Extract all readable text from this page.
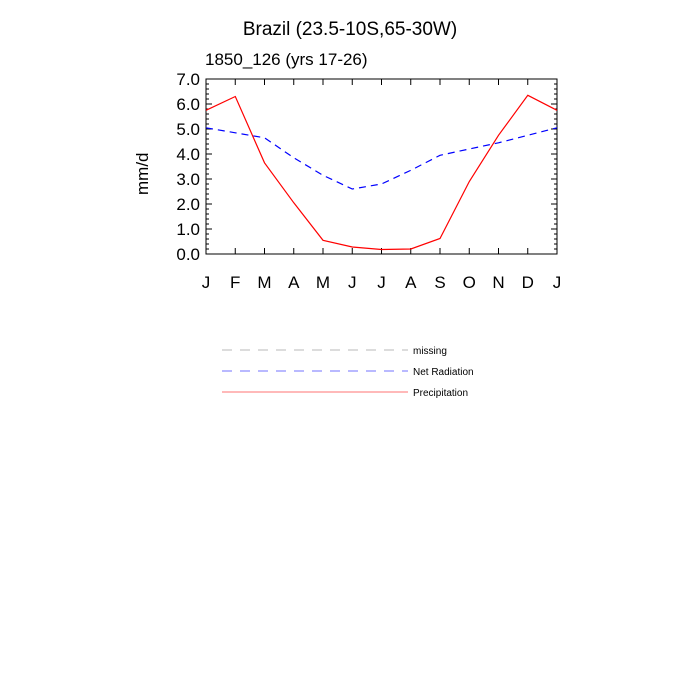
Brazil (23.5-10S,65-30W)
1850_126 (yrs 17-26)
mm/d
0.0
1.0
2.0
3.0
4.0
5.0
6.0
7.0
J F M A M J J A S O N D J
missing
Net Radiation
Precipitation
